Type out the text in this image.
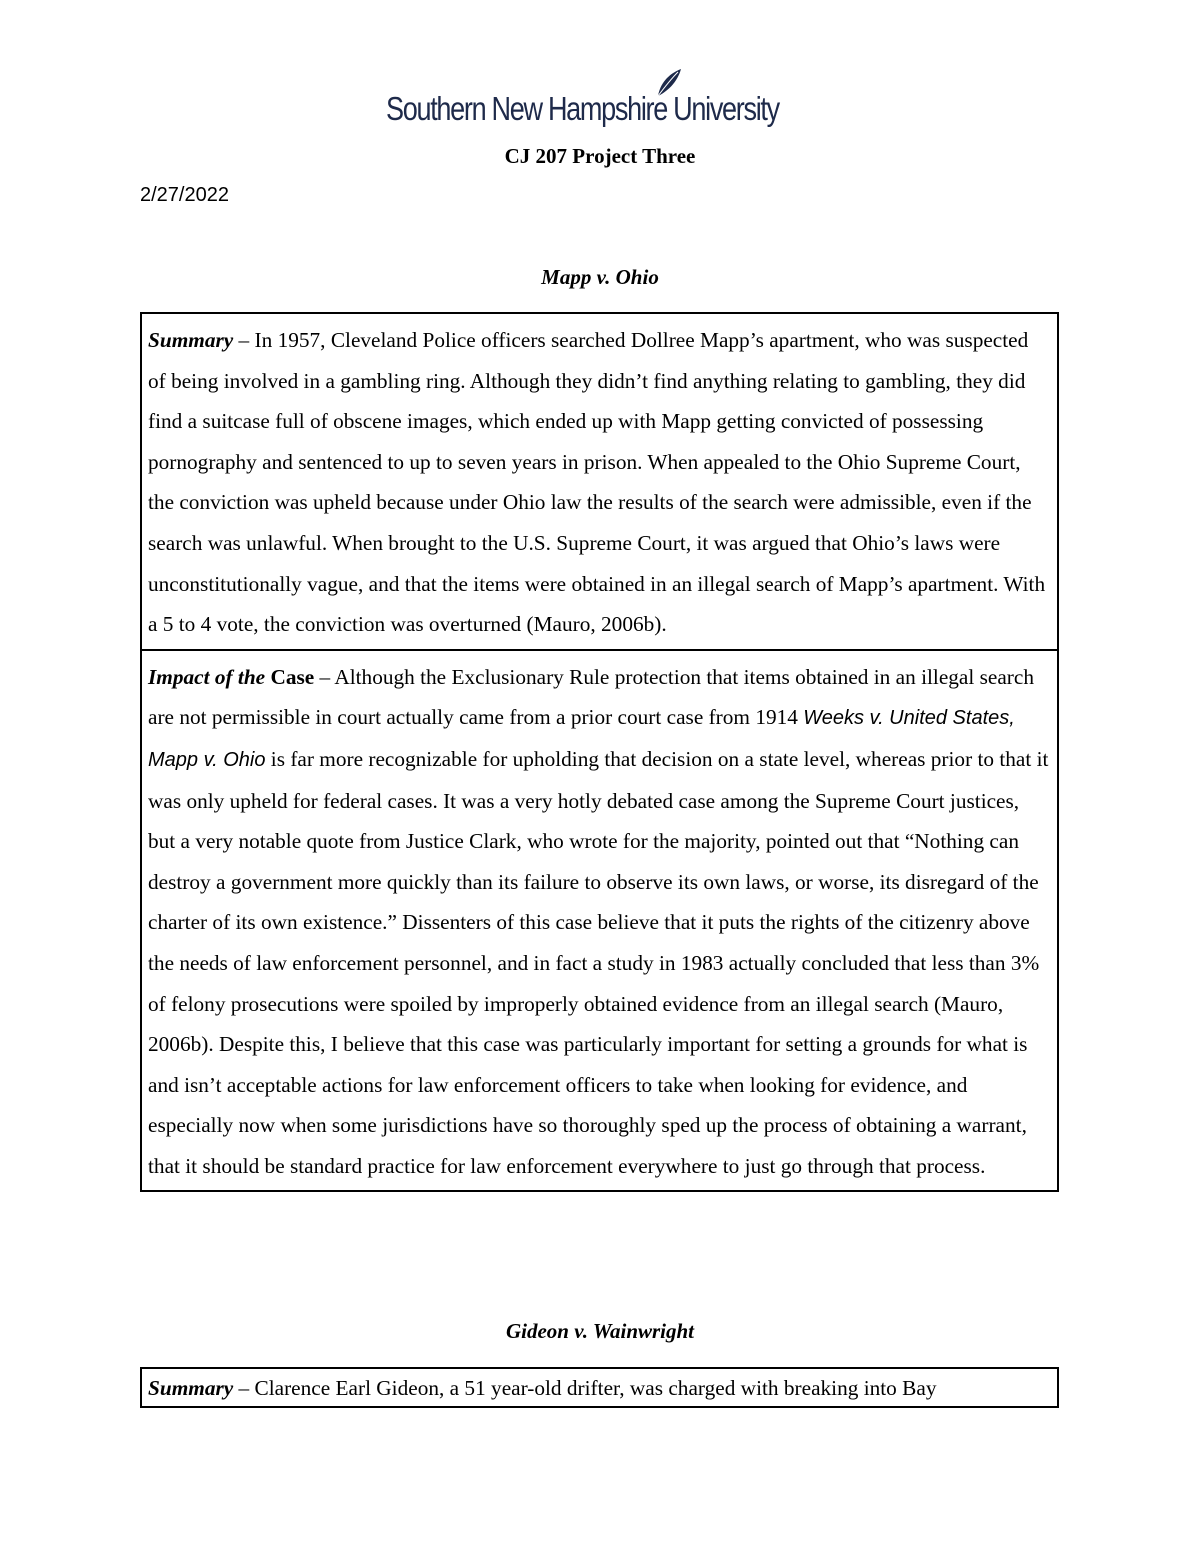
Southern New Hampshire University
CJ 207 Project Three
2/27/2022
Mapp v. Ohio
Summary – In 1957, Cleveland Police officers searched Dollree Mapp’s apartment, who was suspected of being involved in a gambling ring. Although they didn’t find anything relating to gambling, they did find a suitcase full of obscene images, which ended up with Mapp getting convicted of possessing pornography and sentenced to up to seven years in prison. When appealed to the Ohio Supreme Court, the conviction was upheld because under Ohio law the results of the search were admissible, even if the search was unlawful. When brought to the U.S. Supreme Court, it was argued that Ohio’s laws were unconstitutionally vague, and that the items were obtained in an illegal search of Mapp’s apartment. With a 5 to 4 vote, the conviction was overturned (Mauro, 2006b).
Impact of the Case – Although the Exclusionary Rule protection that items obtained in an illegal search are not permissible in court actually came from a prior court case from 1914 Weeks v. United States, Mapp v. Ohio is far more recognizable for upholding that decision on a state level, whereas prior to that it was only upheld for federal cases. It was a very hotly debated case among the Supreme Court justices, but a very notable quote from Justice Clark, who wrote for the majority, pointed out that “Nothing can destroy a government more quickly than its failure to observe its own laws, or worse, its disregard of the charter of its own existence.” Dissenters of this case believe that it puts the rights of the citizenry above the needs of law enforcement personnel, and in fact a study in 1983 actually concluded that less than 3% of felony prosecutions were spoiled by improperly obtained evidence from an illegal search (Mauro, 2006b). Despite this, I believe that this case was particularly important for setting a grounds for what is and isn’t acceptable actions for law enforcement officers to take when looking for evidence, and especially now when some jurisdictions have so thoroughly sped up the process of obtaining a warrant, that it should be standard practice for law enforcement everywhere to just go through that process.
Gideon v. Wainwright
Summary – Clarence Earl Gideon, a 51 year-old drifter, was charged with breaking into Bay
